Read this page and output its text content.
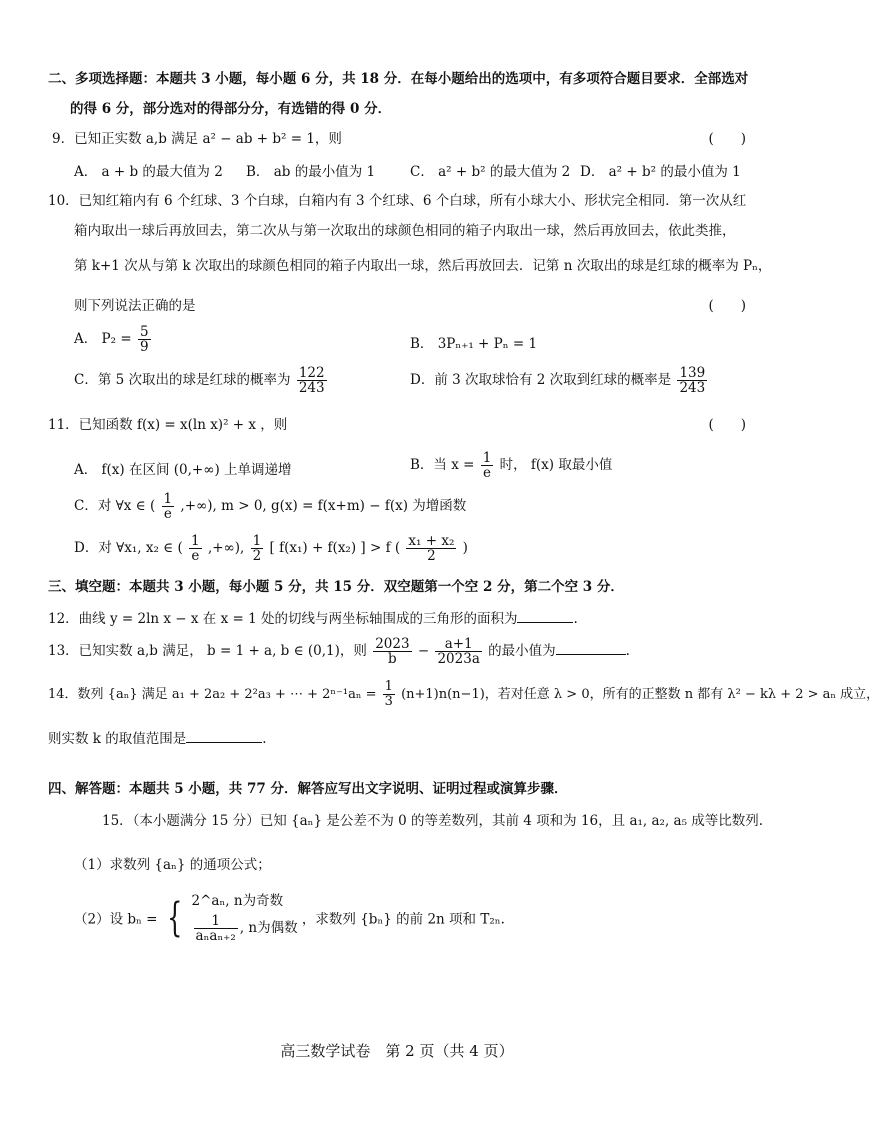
二、多项选择题：本题共 3 小题，每小题 6 分，共 18 分．在每小题给出的选项中，有多项符合题目要求．全部选对
的得 6 分，部分选对的得部分分，有选错的得 0 分．
9．已知正实数 a,b 满足 a² − ab + b² = 1，则	(　　)
A． a + b 的最大值为 2 B． ab 的最小值为 1	C． a² + b² 的最大值为 2 D． a² + b² 的最小值为 1
10．已知红箱内有 6 个红球、3 个白球，白箱内有 3 个红球、6 个白球，所有小球大小、形状完全相同．第一次从红
箱内取出一球后再放回去，第二次从与第一次取出的球颜色相同的箱子内取出一球，然后再放回去，依此类推，
第 k+1 次从与第 k 次取出的球颜色相同的箱子内取出一球，然后再放回去．记第 n 次取出的球是红球的概率为 Pₙ，
则下列说法正确的是	(　　)
A． $P_2 = \frac{5}{9}$	B． 3Pₙ₊₁ + Pₙ = 1
C．第 5 次取出的球是红球的概率为 $\frac{122}{243}$	D．前 3 次取球恰有 2 次取到红球的概率是 $\frac{139}{243}$
11．已知函数 f(x) = x(ln x)² + x ，则	(　　)
A． f(x) 在区间 (0,+∞) 上单调递增	B．当 $x = \frac{1}{e}$ 时， f(x) 取最小值
C．对 ∀x ∈ ( $\frac{1}{e}$ ,+∞), m > 0, g(x) = f(x+m) − f(x) 为增函数
D．对 ∀x₁, x₂ ∈ ( $\frac{1}{e}$ ,+∞), $\frac{1}{2}$ [ f(x₁) + f(x₂) ] > f ( $\frac{\text{x₁ + x₂}}{2}$ )
三、填空题：本题共 3 小题，每小题 5 分，共 15 分．双空题第一个空 2 分，第二个空 3 分．
12．曲线 y = 2ln x − x 在 x = 1 处的切线与两坐标轴围成的三角形的面积为	.
13．已知实数 a,b 满足， b = 1 + a, b ∈ (0,1)，则 $\frac{2023}{b} - \frac{a+1}{2023a}$ 的最小值为	.
14．数列 {aₙ} 满足 a₁ + 2a₂ + 2²a₃ + ⋯ + $2^{n-1}a_n = \frac{1}{3} (n+1)n(n-1)$，若对任意 λ > 0，所有的正整数 n 都有 λ² − kλ + 2 > aₙ 成立，
则实数 k 的取值范围是	.
四、解答题：本题共 5 小题，共 77 分．解答应写出文字说明、证明过程或演算步骤．
15．（本小题满分 15 分）已知 {aₙ} 是公差不为 0 的等差数列，其前 4 项和为 16，且 a₁, a₂, a₅ 成等比数列.
（1）求数列 {aₙ} 的通项公式；
（2）设 bₙ = { 2^aₙ, n为奇数
$\frac{1}{\text{aₙaₙ₊₂}}$ , n为偶数
，求数列 {bₙ} 的前 2n 项和 T₂ₙ.
高三数学试卷　第 2 页（共 4 页）
